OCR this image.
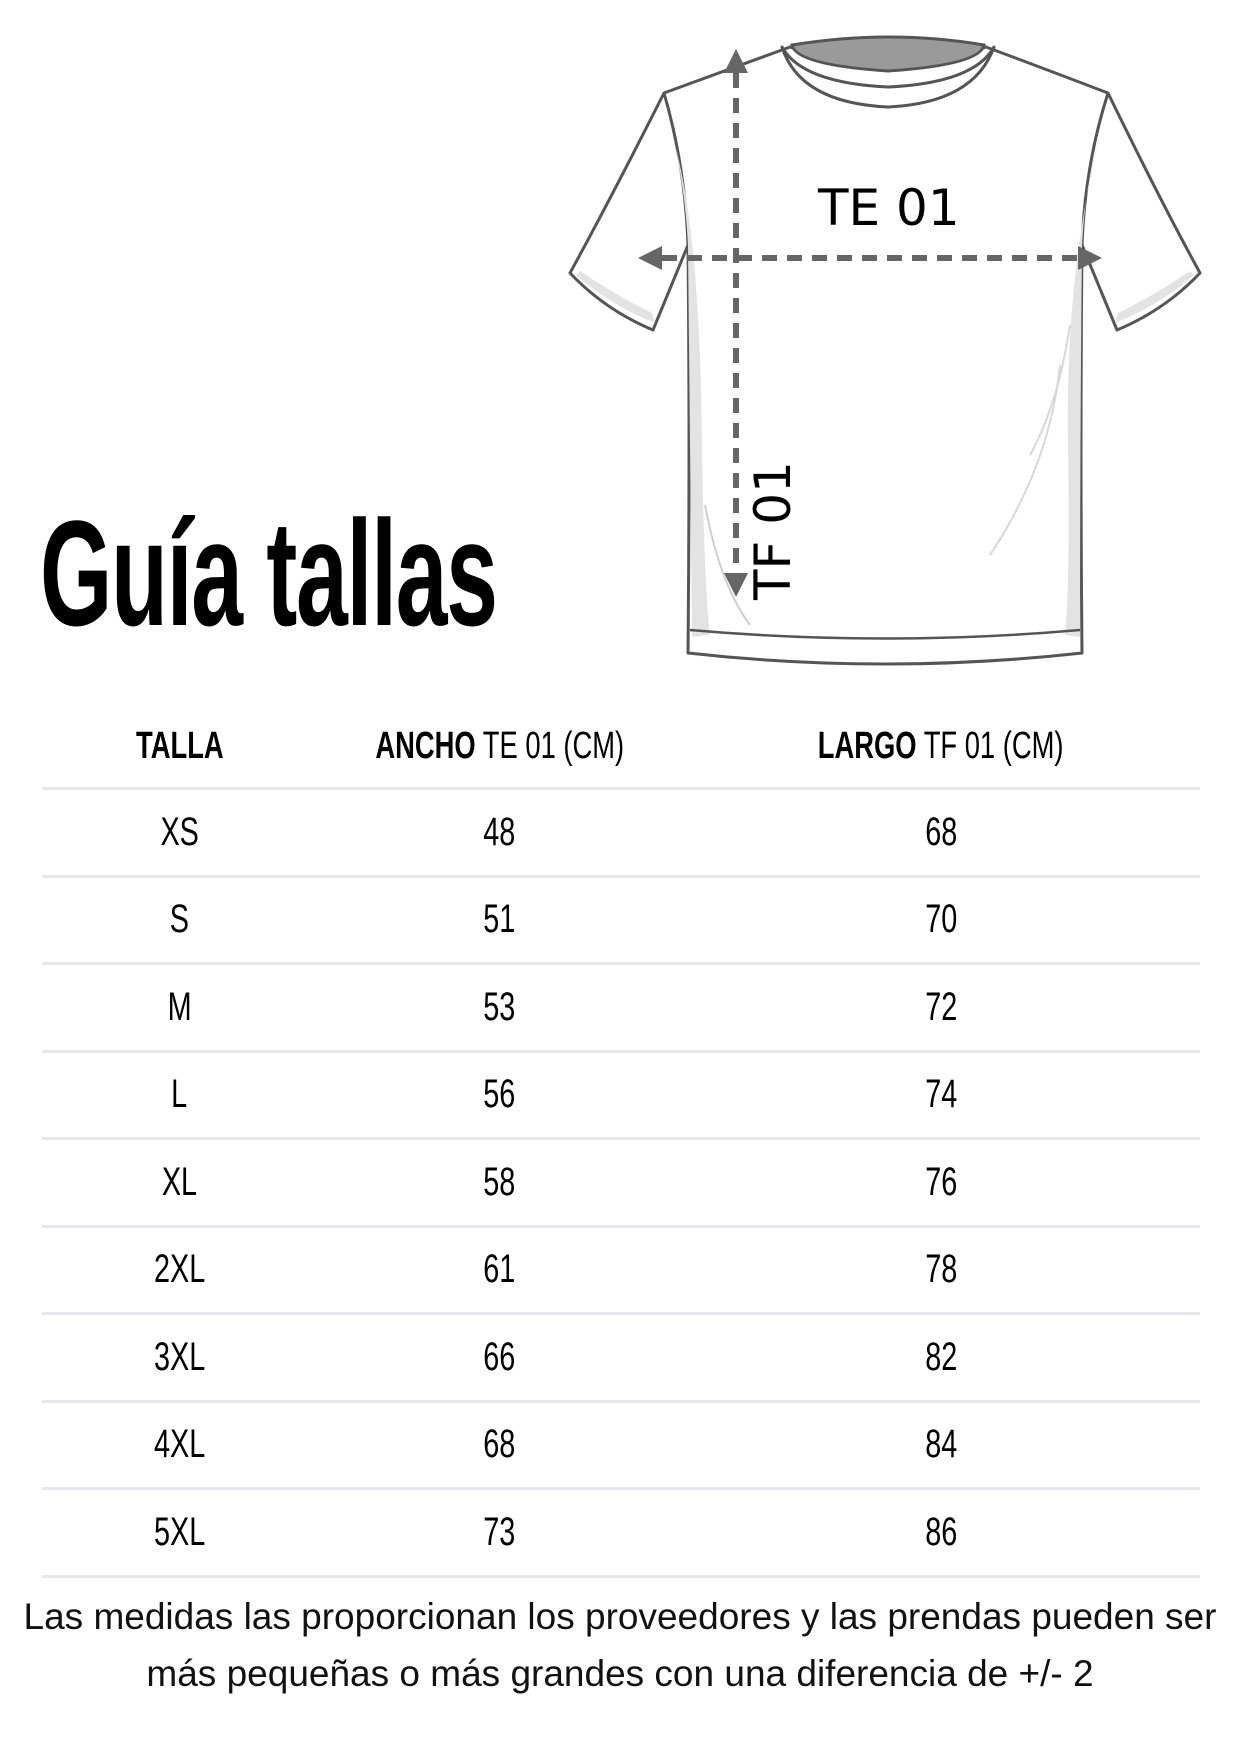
Guía tallas
TE 01
TF 01
TALLA	ANCHO TE 01 (CM)	LARGO TF 01 (CM)
XS	48	68
S	51	70
M	53	72
L	56	74
XL	58	76
2XL	61	78
3XL	66	82
4XL	68	84
5XL	73	86

Las medidas las proporcionan los proveedores y las prendas pueden ser más pequeñas o más grandes con una diferencia de +/- 2
